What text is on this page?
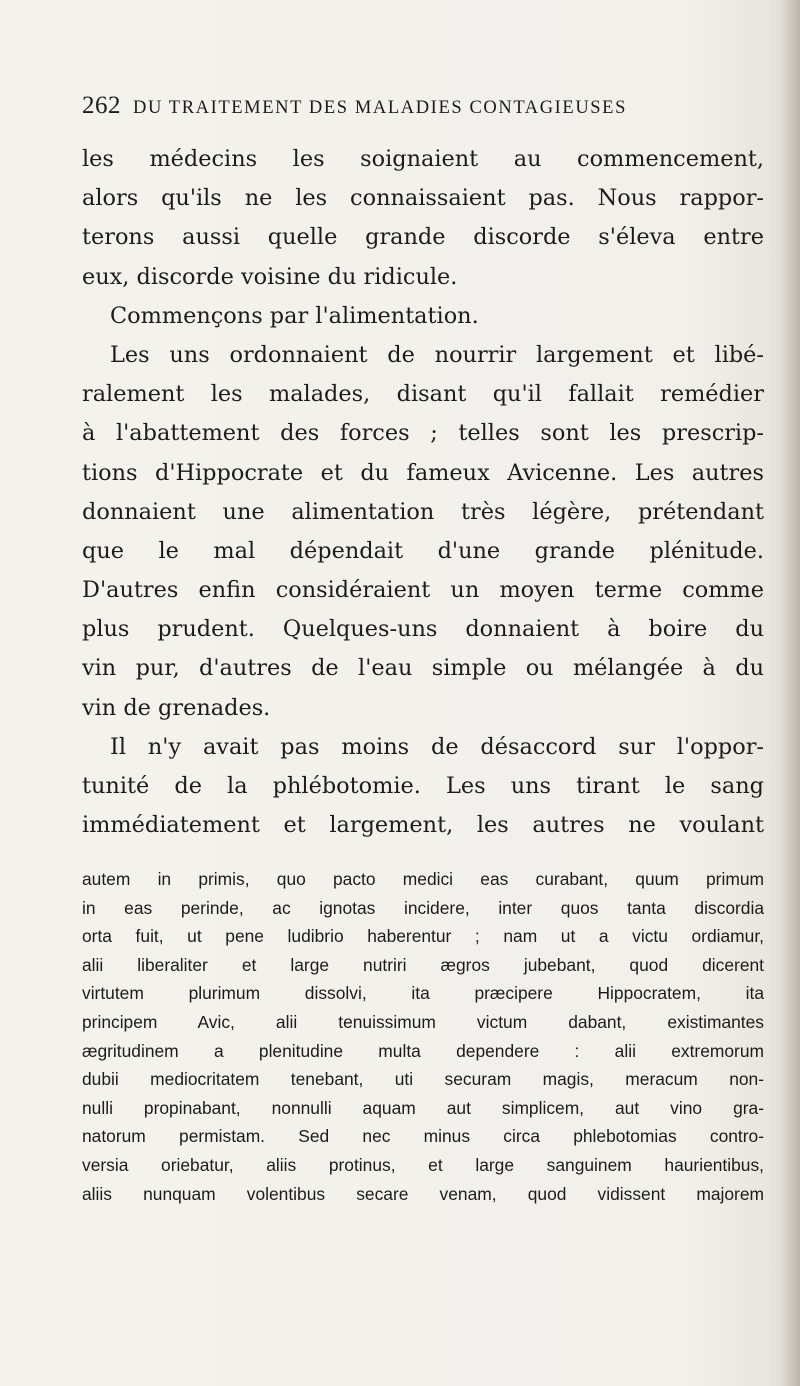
262 DU TRAITEMENT DES MALADIES CONTAGIEUSES
les médecins les soignaient au commencement,
alors qu'ils ne les connaissaient pas. Nous rappor-
terons aussi quelle grande discorde s'éleva entre
eux, discorde voisine du ridicule.
Commençons par l'alimentation.
Les uns ordonnaient de nourrir largement et libé-
ralement les malades, disant qu'il fallait remédier
à l'abattement des forces ; telles sont les prescrip-
tions d'Hippocrate et du fameux Avicenne. Les autres
donnaient une alimentation très légère, prétendant
que le mal dépendait d'une grande plénitude.
D'autres enfin considéraient un moyen terme comme
plus prudent. Quelques-uns donnaient à boire du
vin pur, d'autres de l'eau simple ou mélangée à du
vin de grenades.
Il n'y avait pas moins de désaccord sur l'oppor-
tunité de la phlébotomie. Les uns tirant le sang
immédiatement et largement, les autres ne voulant
autem in primis, quo pacto medici eas curabant, quum primum
in eas perinde, ac ignotas incidere, inter quos tanta discordia
orta fuit, ut pene ludibrio haberentur ; nam ut a victu ordiamur,
alii liberaliter et large nutriri ægros jubebant, quod dicerent
virtutem plurimum dissolvi, ita præcipere Hippocratem, ita
principem Avic, alii tenuissimum victum dabant, existimantes
ægritudinem a plenitudine multa dependere : alii extremorum
dubii mediocritatem tenebant, uti securam magis, meracum non-
nulli propinabant, nonnulli aquam aut simplicem, aut vino gra-
natorum permistam. Sed nec minus circa phlebotomias contro-
versia oriebatur, aliis protinus, et large sanguinem haurientibus,
aliis nunquam volentibus secare venam, quod vidissent majorem
